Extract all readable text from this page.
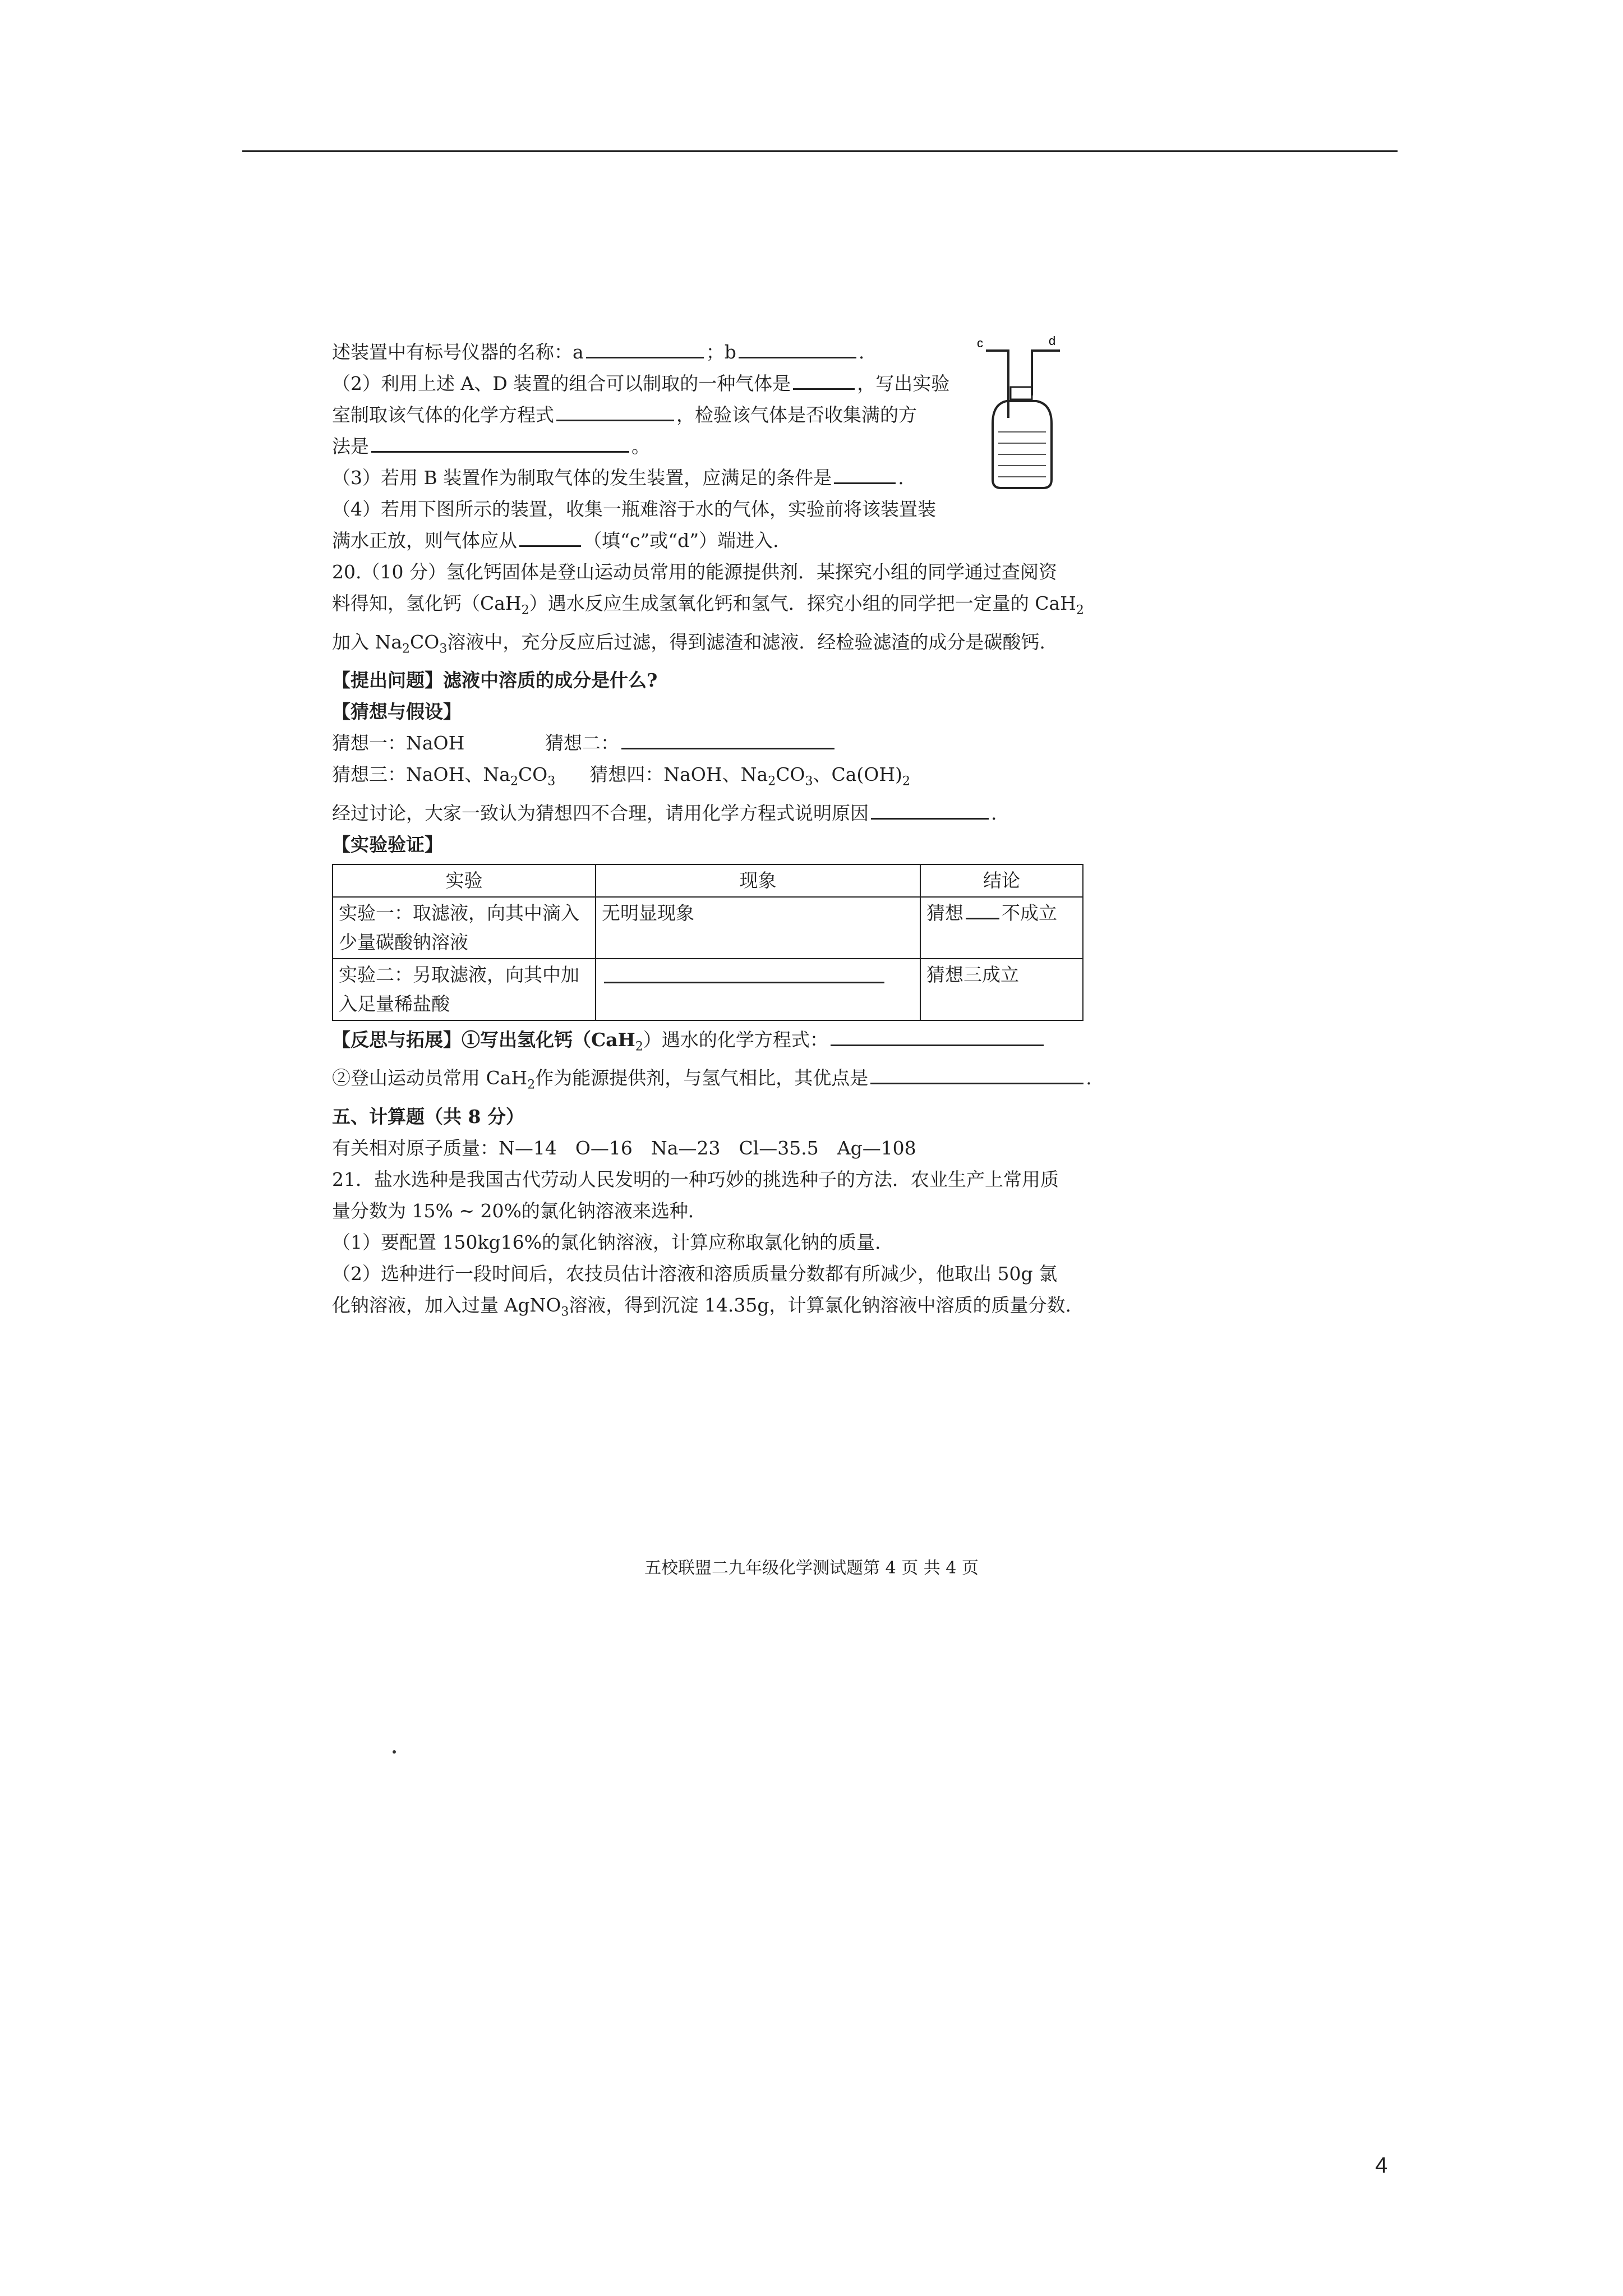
c	d
述装置中有标号仪器的名称：a	；b	.
（2）利用上述 A、D 装置的组合可以制取的一种气体是	，写出实验
室制取该气体的化学方程式	，检验该气体是否收集满的方
法是	。
（3）若用 B 装置作为制取气体的发生装置，应满足的条件是	.
（4）若用下图所示的装置，收集一瓶难溶于水的气体，实验前将该装置装
满水正放，则气体应从	（填“c”或“d”）端进入.
20.（10 分）氢化钙固体是登山运动员常用的能源提供剂．某探究小组的同学通过查阅资
料得知，氢化钙（CaH$_2$）遇水反应生成氢氧化钙和氢气．探究小组的同学把一定量的 CaH$_2$
加入 $Na_2CO_3$溶液中，充分反应后过滤，得到滤渣和滤液．经检验滤渣的成分是碳酸钙.
【提出问题】滤液中溶质的成分是什么?
【猜想与假设】
猜想一：NaOH	猜想二：
猜想三：NaOH、$Na_2CO_3$ 猜想四：NaOH、$Na_2CO_3$、$Ca(OH)_2$
经过讨论，大家一致认为猜想四不合理，请用化学方程式说明原因	.
【实验验证】
实验	现象	结论

实验一：取滤液，向其中滴入
少量碳酸钠溶液	无明显现象	猜想 不成立

实验二：另取滤液，向其中加
入足量稀盐酸		猜想三成立
【反思与拓展】①写出氢化钙（CaH$_2$）遇水的化学方程式：
②登山运动员常用 CaH$_2$作为能源提供剂，与氢气相比，其优点是	.
五、计算题（共 8 分）
有关相对原子质量：N—14　O—16　Na—23　Cl—35.5　Ag—108
21．盐水选种是我国古代劳动人民发明的一种巧妙的挑选种子的方法．农业生产上常用质
量分数为 15% ~ 20%的氯化钠溶液来选种．
（1）要配置 150kg16%的氯化钠溶液，计算应称取氯化钠的质量.
（2）选种进行一段时间后，农技员估计溶液和溶质质量分数都有所减少，他取出 50g 氯
化钠溶液，加入过量 AgNO$_3$溶液，得到沉淀 14.35g，计算氯化钠溶液中溶质的质量分数.
五校联盟二九年级化学测试题第 4 页 共 4 页
4
